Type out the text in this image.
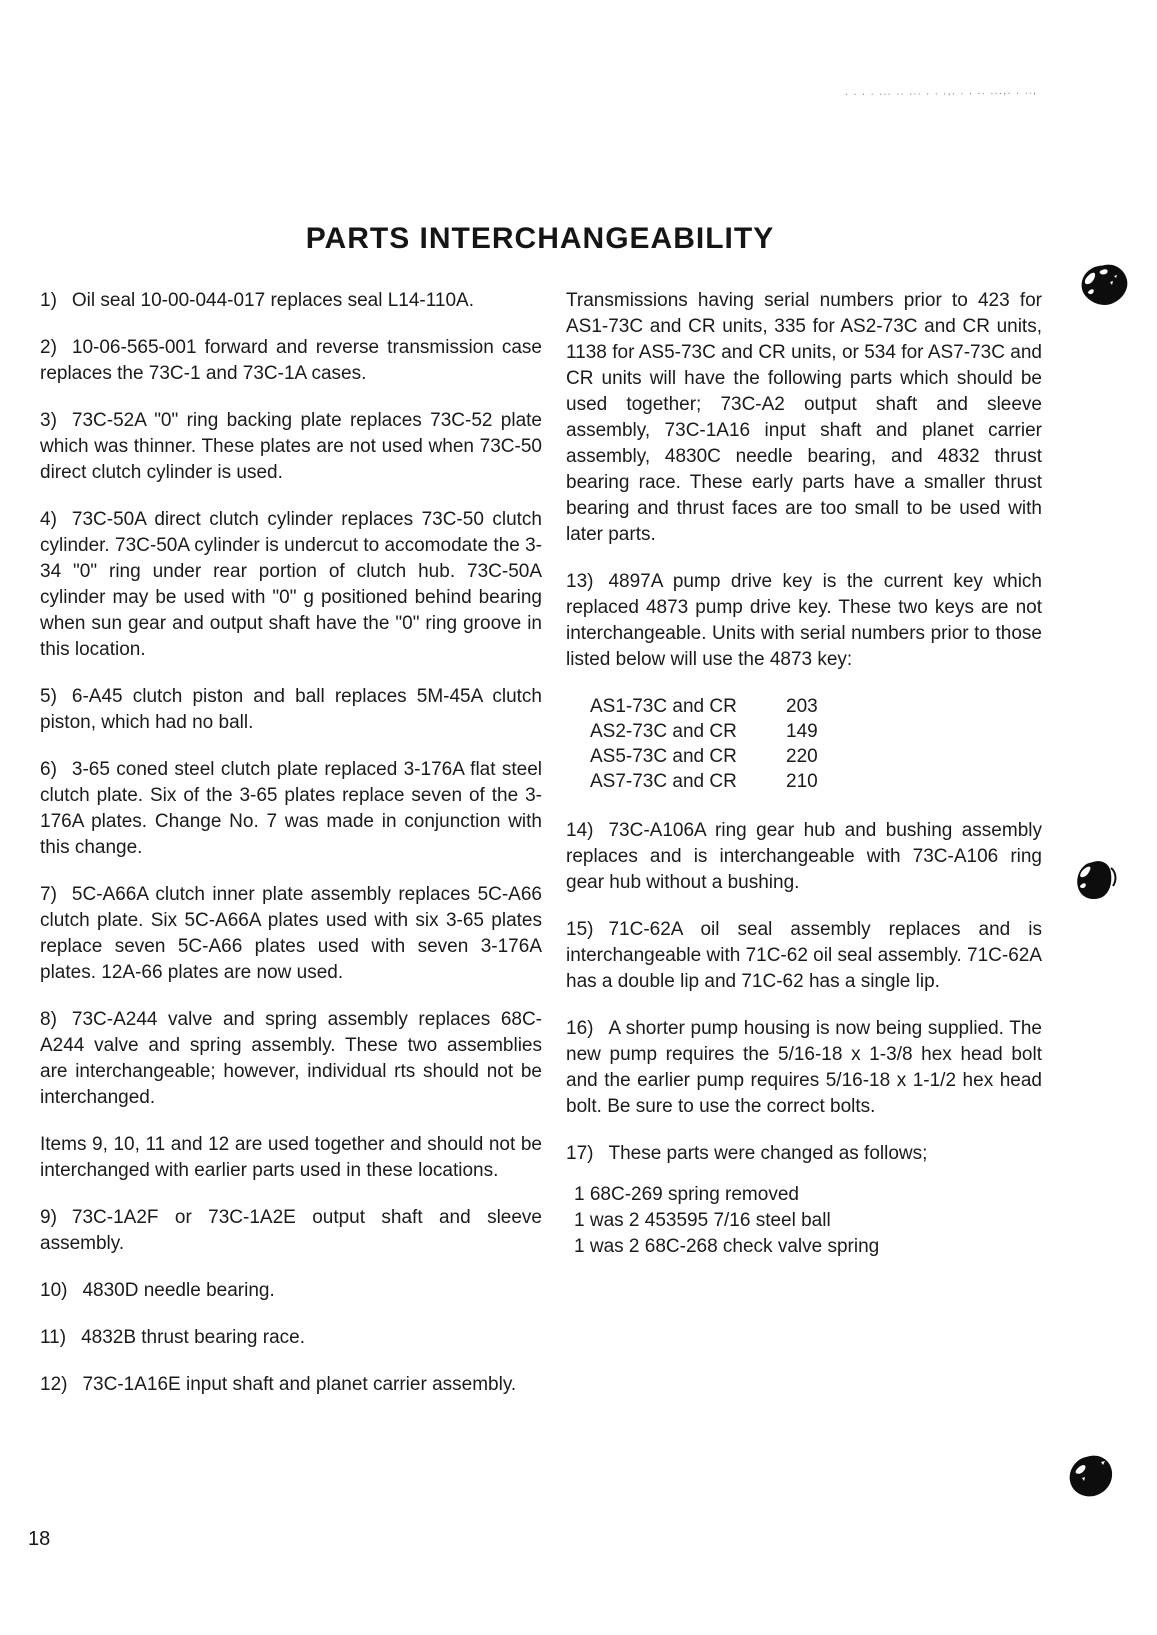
. . . . ... .. ... . . .,. . . .. ...,. . ..,
PARTS INTERCHANGEABILITY

1) Oil seal 10-00-044-017 replaces seal L14-110A.

2) 10-06-565-001 forward and reverse transmission case replaces the 73C-1 and 73C-1A cases.

3) 73C-52A "0" ring backing plate replaces 73C-52 plate which was thinner. These plates are not used when 73C-50 direct clutch cylinder is used.

4) 73C-50A direct clutch cylinder replaces 73C-50 clutch cylinder. 73C-50A cylinder is undercut to accomodate the 3-34 "0" ring under rear portion of clutch hub. 73C-50A cylinder may be used with "0" g positioned behind bearing when sun gear and output shaft have the "0" ring groove in this location.

5) 6-A45 clutch piston and ball replaces 5M-45A clutch piston, which had no ball.

6) 3-65 coned steel clutch plate replaced 3-176A flat steel clutch plate. Six of the 3-65 plates replace seven of the 3-176A plates. Change No. 7 was made in conjunction with this change.

7) 5C-A66A clutch inner plate assembly replaces 5C-A66 clutch plate. Six 5C-A66A plates used with six 3-65 plates replace seven 5C-A66 plates used with seven 3-176A plates. 12A-66 plates are now used.

8) 73C-A244 valve and spring assembly replaces 68C-A244 valve and spring assembly. These two assemblies are interchangeable; however, individual rts should not be interchanged.

Items 9, 10, 11 and 12 are used together and should not be interchanged with earlier parts used in these locations.

9) 73C-1A2F or 73C-1A2E output shaft and sleeve assembly.

10) 4830D needle bearing.

11) 4832B thrust bearing race.

12) 73C-1A16E input shaft and planet carrier assembly.

Transmissions having serial numbers prior to 423 for AS1-73C and CR units, 335 for AS2-73C and CR units, 1138 for AS5-73C and CR units, or 534 for AS7-73C and CR units will have the following parts which should be used together; 73C-A2 output shaft and sleeve assembly, 73C-1A16 input shaft and planet carrier assembly, 4830C needle bearing, and 4832 thrust bearing race. These early parts have a smaller thrust bearing and thrust faces are too small to be used with later parts.

13) 4897A pump drive key is the current key which replaced 4873 pump drive key. These two keys are not interchangeable. Units with serial numbers prior to those listed below will use the 4873 key:

AS1-73C and CR	203
AS2-73C and CR	149
AS5-73C and CR	220
AS7-73C and CR	210

14) 73C-A106A ring gear hub and bushing assembly replaces and is interchangeable with 73C-A106 ring gear hub without a bushing.

15) 71C-62A oil seal assembly replaces and is interchangeable with 71C-62 oil seal assembly. 71C-62A has a double lip and 71C-62 has a single lip.

16) A shorter pump housing is now being supplied. The new pump requires the 5/16-18 x 1-3/8 hex head bolt and the earlier pump requires 5/16-18 x 1-1/2 hex head bolt. Be sure to use the correct bolts.

17) These parts were changed as follows;

1 68C-269 spring removed
1 was 2 453595 7/16 steel ball
1 was 2 68C-268 check valve spring
18
